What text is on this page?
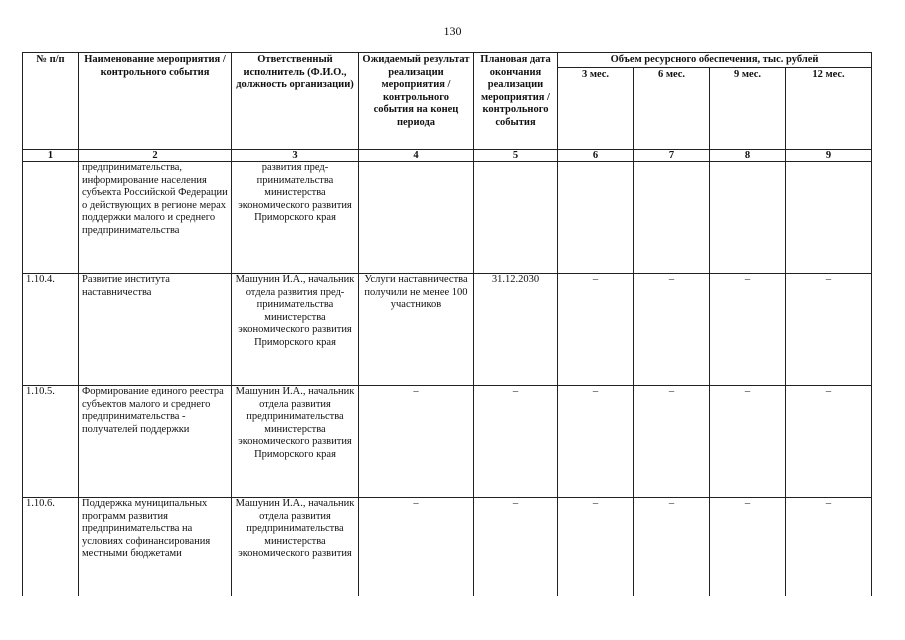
130
№ п/п	Наименование мероприятия / контрольного события	Ответственный исполнитель (Ф.И.О., должность организации)	Ожидаемый результат реализации мероприятия / контрольного события на конец периода	Плановая дата окончания реализации мероприятия / контрольного события	Объем ресурсного обеспечения, тыс. рублей			
					3 мес.	6 мес.	9 мес.	12 мес.
1	2	3	4	5	6	7	8	9
	предпринимательства, информирование населения субъекта Российской Федерации о действующих в регионе мерах поддержки малого и среднего предпринимательства	развития пред- принимательства министерства экономического развития Приморского края						
1.10.4.	Развитие института наставничества	Машунин И.А., начальник отдела развития пред- принимательства министерства экономического развития Приморского края	Услуги наставничества получили не менее 100 участников	31.12.2030	–	–	–	–
1.10.5.	Формирование единого реестра субъектов малого и среднего предпринимательства - получателей поддержки	Машунин И.А., начальник отдела развития предпринимательства министерства экономического развития Приморского края	–	–	–	–	–	–
1.10.6.	Поддержка муниципальных программ развития предпринимательства на условиях софинансирования местными бюджетами	Машунин И.А., начальник отдела развития предпринимательства министерства экономического развития	–	–	–	–	–	–
